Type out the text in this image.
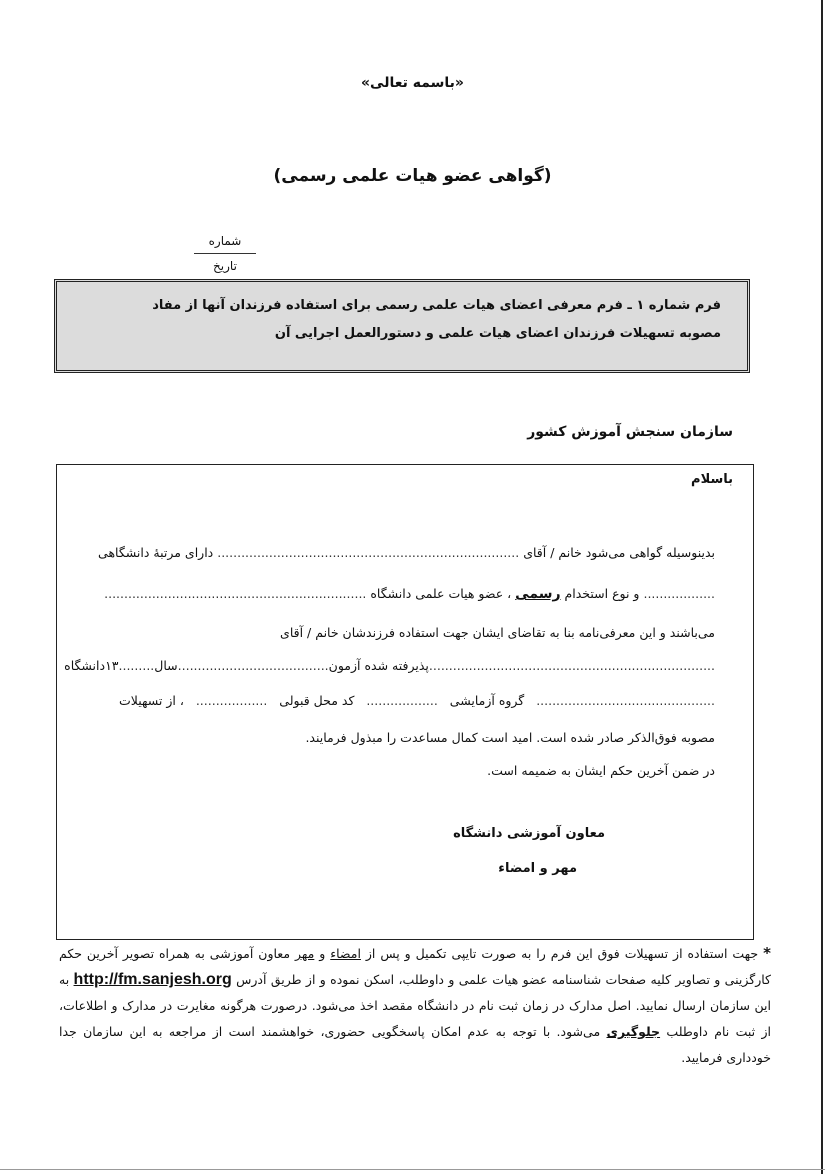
«باسمه تعالی»
(گواهی عضو هیات علمی رسمی)
شماره
تاریخ
فرم شماره ۱ ـ فرم معرفی اعضای هیات علمی رسمی برای استفاده فرزندان آنها از مفاد
مصوبه تسهیلات فرزندان اعضای هیات علمی و دستورالعمل اجرایی آن
سازمان سنجش آموزش کشور
باسلام
بدینوسیله گواهی می‌شود خانم / آقای ............................................................................ دارای مرتبهٔ دانشگاهی
.................. و نوع استخدام رسمی ، عضو هیات علمی دانشگاه ..................................................................
می‌باشند و این معرفی‌نامه بنا به تقاضای ایشان جهت استفاده فرزندشان خانم / آقای
........................................................................
پذیرفته شده آزمون
......................................
سال
.........
۱۳
دانشگاه
.............................................
گروه آزمایشی
..................
کد محل قبولی
..................
، از تسهیلات
مصوبه فوق‌الذکر صادر شده است. امید است کمال مساعدت را مبذول فرمایند.
در ضمن آخرین حکم ایشان به ضمیمه است.
معاون آموزشی دانشگاه
مهر و امضاء
* جهت استفاده از تسهیلات فوق این فرم را به صورت تایپی تکمیل و پس از امضاء و مهر معاون آموزشی به همراه تصویر آخرین حکم کارگزینی و تصاویر کلیه صفحات شناسنامه عضو هیات علمی و داوطلب، اسکن نموده و از طریق آدرس http://fm.sanjesh.org به این سازمان ارسال نمایید. اصل مدارک در زمان ثبت نام در دانشگاه مقصد اخذ می‌شود. درصورت هرگونه مغایرت در مدارک و اطلاعات، از ثبت نام داوطلب جلوگیری می‌شود. با توجه به عدم امکان پاسخگویی حضوری، خواهشمند است از مراجعه به این سازمان جدا خودداری فرمایید.
